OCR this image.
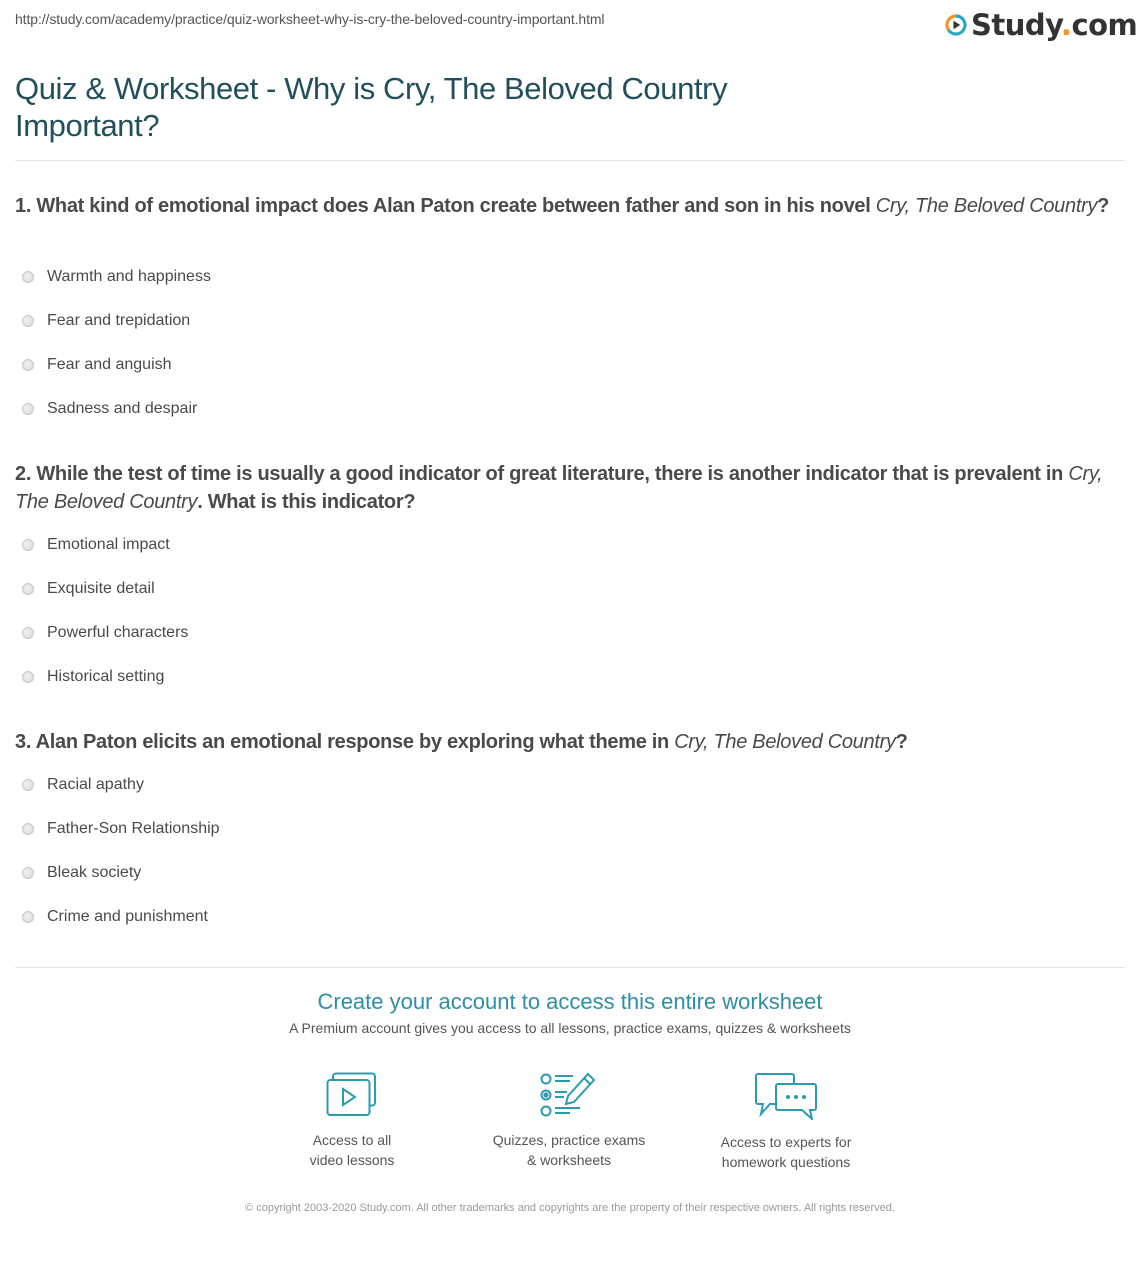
http://study.com/academy/practice/quiz-worksheet-why-is-cry-the-beloved-country-important.html	Study.com
Quiz & Worksheet - Why is Cry, The Beloved Country Important?
1. What kind of emotional impact does Alan Paton create between father and son in his novel Cry, The Beloved Country?
Warmth and happiness
Fear and trepidation
Fear and anguish
Sadness and despair
2. While the test of time is usually a good indicator of great literature, there is another indicator that is prevalent in Cry, The Beloved Country. What is this indicator?
Emotional impact
Exquisite detail
Powerful characters
Historical setting
3. Alan Paton elicits an emotional response by exploring what theme in Cry, The Beloved Country?
Racial apathy
Father-Son Relationship
Bleak society
Crime and punishment
Create your account to access this entire worksheet
A Premium account gives you access to all lessons, practice exams, quizzes & worksheets
Access to all
video lessons
Quizzes, practice exams
& worksheets
Access to experts for
homework questions
© copyright 2003-2020 Study.com. All other trademarks and copyrights are the property of their respective owners. All rights reserved.
